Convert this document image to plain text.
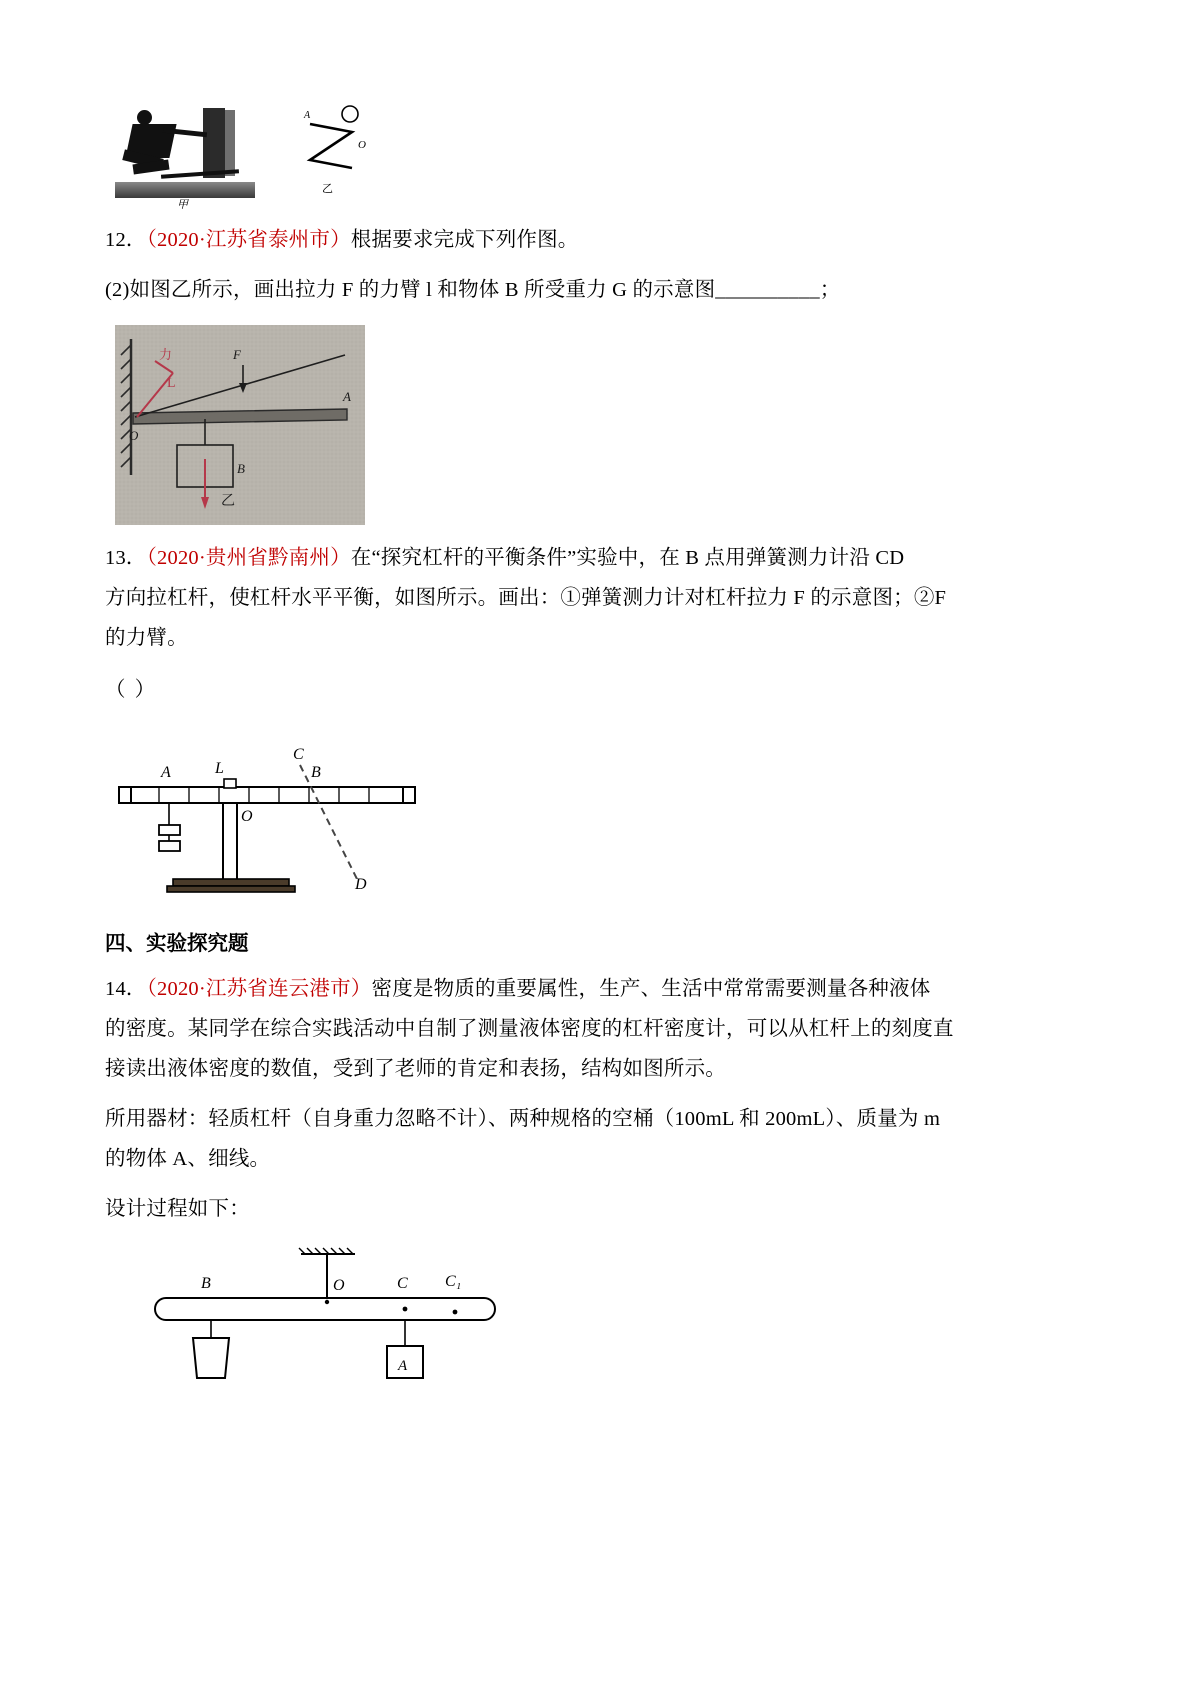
甲
A
O
乙

12．（2020·江苏省泰州市）根据要求完成下列作图。

(2)如图乙所示，画出拉力 F 的力臂 l 和物体 B 所受重力 G 的示意图__________；

F
A
O
力
L
B
乙

13．（2020·贵州省黔南州）在“探究杠杆的平衡条件”实验中，在 B 点用弹簧测力计沿 CD

方向拉杠杆，使杠杆水平平衡，如图所示。画出：①弹簧测力计对杠杆拉力 F 的示意图；②F

的力臂。

（ ）

A	L	B
C
D
O

四、实验探究题

14．（2020·江苏省连云港市）密度是物质的重要属性，生产、生活中常常需要测量各种液体

的密度。某同学在综合实践活动中自制了测量液体密度的杠杆密度计，可以从杠杆上的刻度直

接读出液体密度的数值，受到了老师的肯定和表扬，结构如图所示。

所用器材：轻质杠杆（自身重力忽略不计）、两种规格的空桶（100mL 和 200mL）、质量为 m

的物体 A、细线。

设计过程如下：

A
B	O	C C₁
